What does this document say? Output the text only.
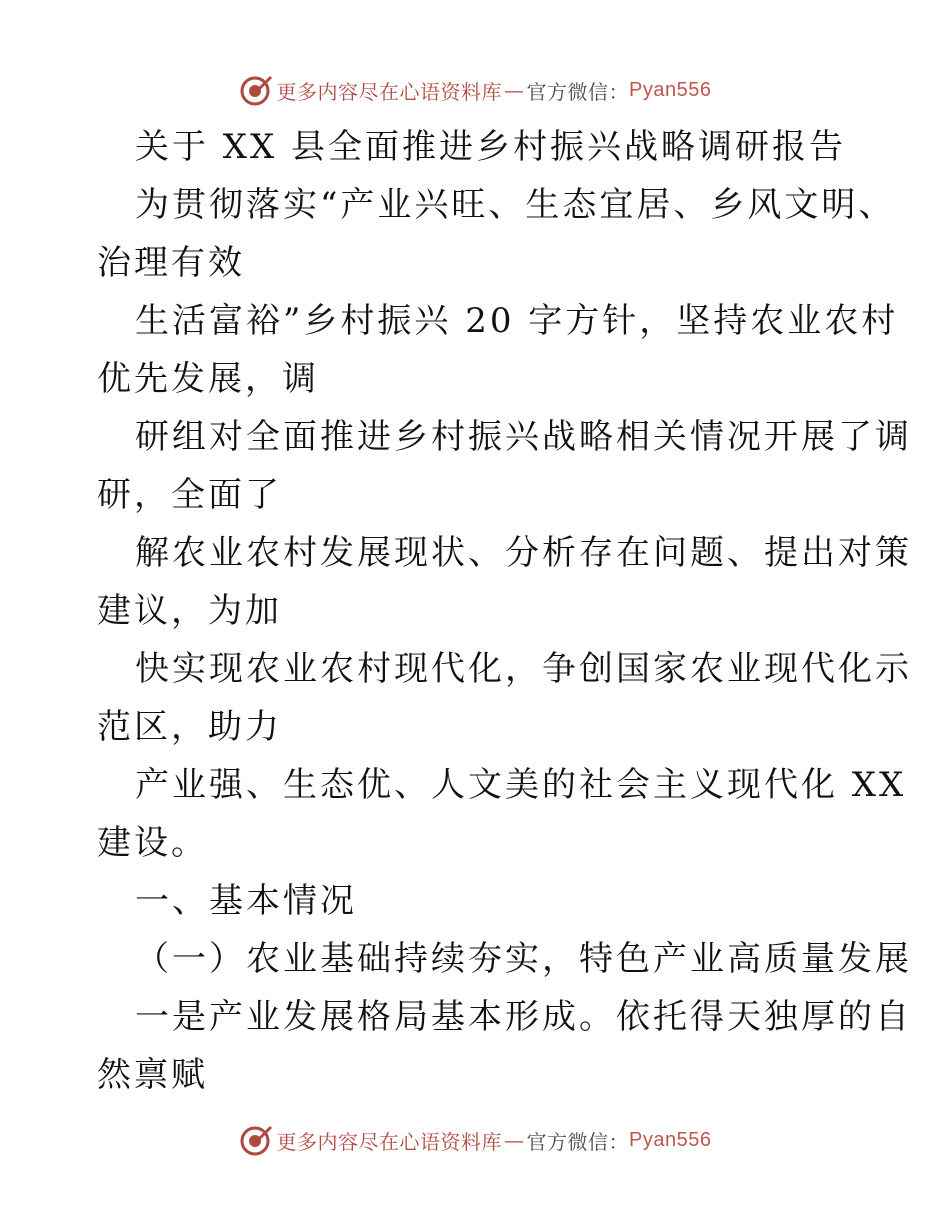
更多内容尽在心语资料库 — 官方微信： Pyan556
关于 XX 县全面推进乡村振兴战略调研报告
为贯彻落实“产业兴旺、生态宜居、乡风文明、
治理有效
生活富裕”乡村振兴 20 字方针，坚持农业农村
优先发展，调
研组对全面推进乡村振兴战略相关情况开展了调
研，全面了
解农业农村发展现状、分析存在问题、提出对策
建议，为加
快实现农业农村现代化，争创国家农业现代化示
范区，助力
产业强、生态优、人文美的社会主义现代化 XX
建设。
一、基本情况
（一）农业基础持续夯实，特色产业高质量发展
一是产业发展格局基本形成。依托得天独厚的自
然禀赋
更多内容尽在心语资料库 — 官方微信： Pyan556
